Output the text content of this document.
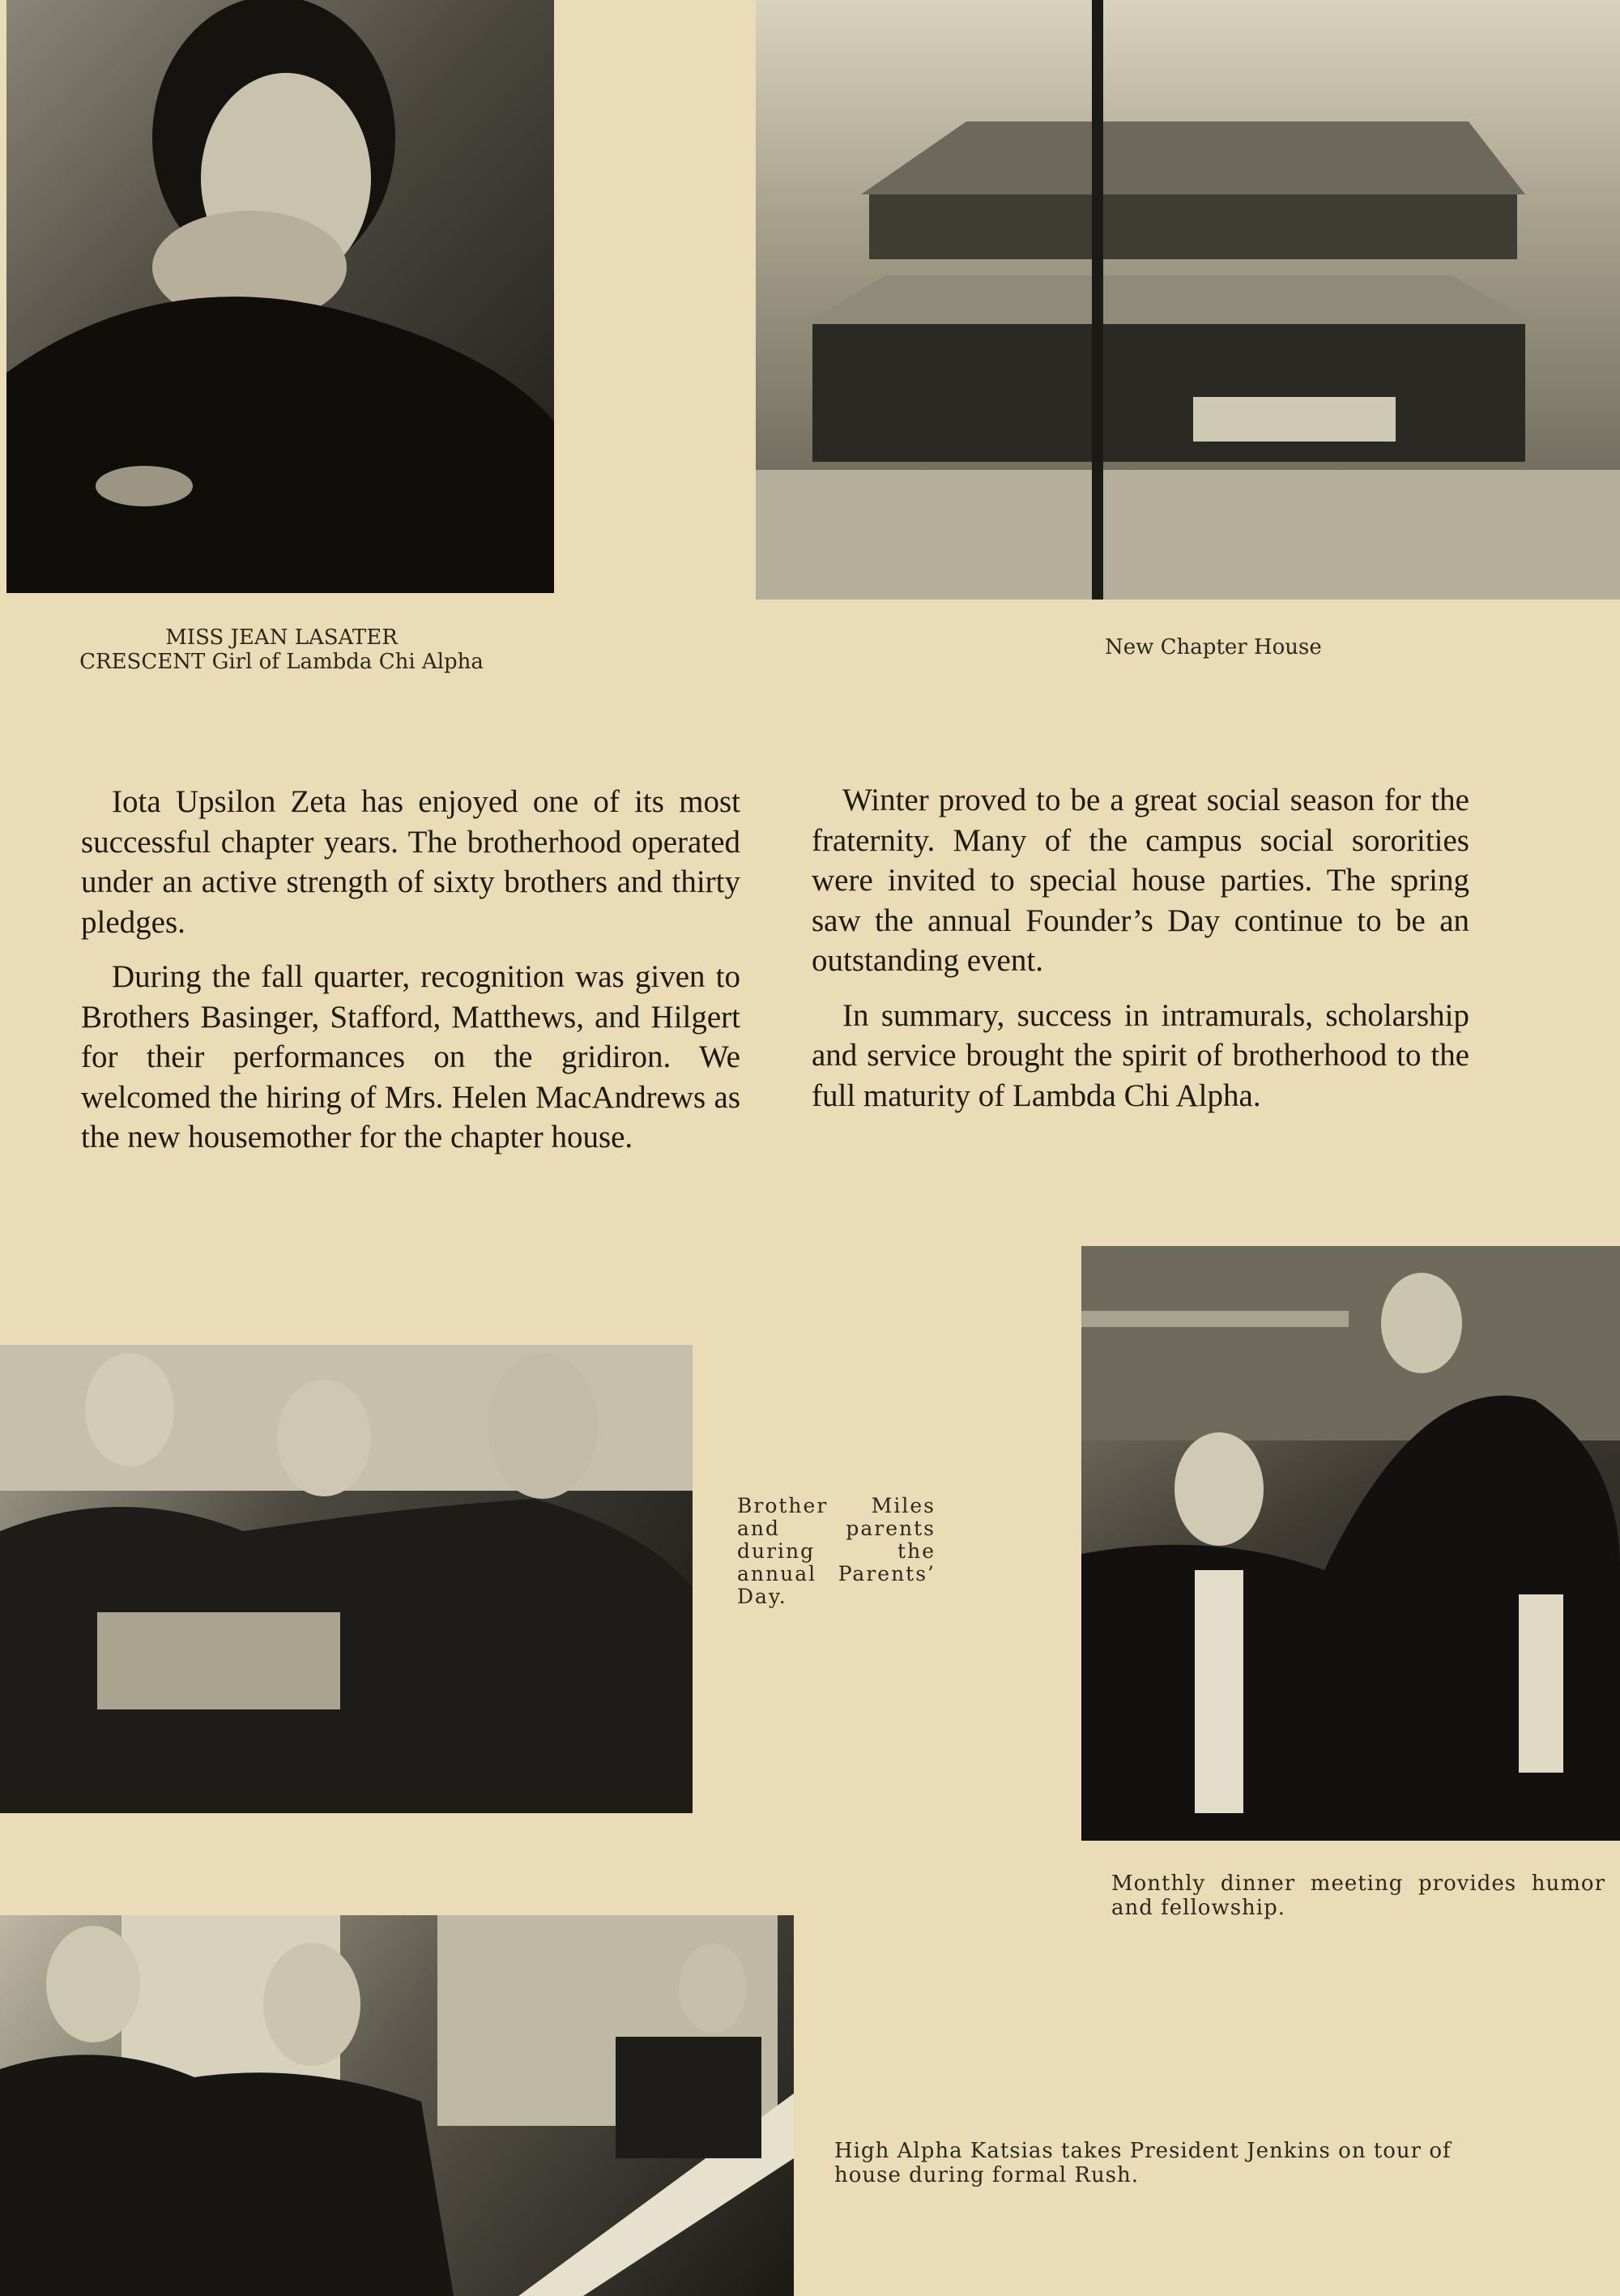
MISS JEAN LASATER
CRESCENT Girl of Lambda Chi Alpha
New Chapter House

Iota Upsilon Zeta has enjoyed one of its most successful chapter years. The brotherhood operated under an active strength of sixty brothers and thirty pledges.

During the fall quarter, recognition was given to Brothers Basinger, Stafford, Matthews, and Hilgert for their performances on the gridiron. We welcomed the hiring of Mrs. Helen MacAndrews as the new housemother for the chapter house.

Winter proved to be a great social season for the fraternity. Many of the campus social sororities were invited to special house parties. The spring saw the annual Founder’s Day continue to be an outstanding event.

In summary, success in intramurals, scholarship and service brought the spirit of brotherhood to the full maturity of Lambda Chi Alpha.

Brother Miles and parents during the annual Parents’ Day.
Monthly dinner meeting provides humor and fellowship.
High Alpha Katsias takes President Jenkins on tour of house during formal Rush.
